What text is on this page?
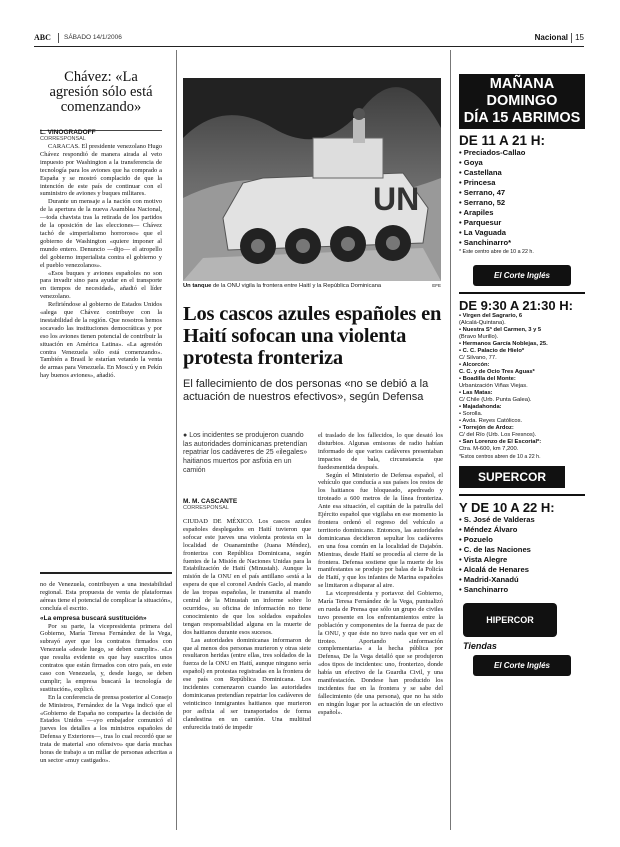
ABC SÁBADO 14/1/2006	Nacional 15
Chávez: «La agresión sólo está comenzando»
L. VINOGRADOFF
CORRESPONSAL

CARACAS. El presidente venezolano Hugo Chávez respondió de manera airada al veto impuesto por Washington a la transferencia de tecnología para los aviones que ha comprado a España y se mostró complacido de que la intención de este país de continuar con el suministro de aviones y buques militares.

Durante un mensaje a la nación con motivo de la apertura de la nueva Asamblea Nacional, —toda chavista tras la retirada de los partidos de la oposición de las elecciones— Chávez tachó de «imperialismo horroroso» que el gobierno de Washington «quiere imponer al mundo entero. Denuncio —dijo— el atropello del gobierno imperialista contra el gobierno y el pueblo venezolanos».

«Esos buques y aviones españoles no son para invadir sino para ayudar en el transporte en tiempos de necesidad», añadió el líder venezolano.

Refiriéndose al gobierno de Estados Unidos «alega que Chávez contribuye con la inestabilidad de la región. Que nosotros hemos socavado las instituciones democráticas y por eso los aviones tienen potencial de contribuir la situación en América Latina». «La agresión contra Venezuela sólo está comenzando». También a Brasil le estarían vetando la venta de armas para Venezuela. En Moscú y en Pekín hay buenos aviones», añadió.

no de Venezuela, contribuyen a una inestabilidad regional. Esta propuesta de venta de plataformas aéreas tiene el potencial de complicar la situación», concluía el escrito.

«La empresa buscará sustitución»

Por su parte, la vicepresidenta primera del Gobierno, María Teresa Fernández de la Vega, subrayó ayer que los contratos firmados con Venezuela «desde luego, se deben cumplir». «Lo que resulta evidente es que hay suscritos unos contratos que están firmados con otro país, en este caso con Venezuela, y, desde luego, se deben cumplir; la empresa buscará la tecnología de sustitución», explicó.

En la conferencia de prensa posterior al Consejo de Ministros, Fernández de la Vega indicó que el «Gobierno de España no comparte» la decisión de Estados Unidos —«yo embajador comunicó el jueves los detalles a los ministros españoles de Defensa y Exteriores—, tras lo cual recordó que se trata de material «no ofensivo» que daría muchas horas de trabajo a un millar de personas adscritas a un sector «muy castigado».

UN
Un tanque de la ONU vigila la frontera entre Haití y la República Dominicana	EFE
Los cascos azules españoles en Haití sofocan una violenta protesta fronteriza
El fallecimiento de dos personas «no se debió a la actuación de nuestros efectivos», según Defensa
● Los incidentes se produjeron cuando las autoridades dominicanas pretendían repatriar los cadáveres de 25 «ilegales» haitianos muertos por asfixia en un camión
M. M. CASCANTE
CORRESPONSAL

CIUDAD DE MÉXICO. Los cascos azules españoles desplegados en Haití tuvieron que sofocar este jueves una violenta protesta en la localidad de Ouanaminthe (Juana Méndez), fronteriza con República Dominicana, según fuentes de la Misión de Naciones Unidas para la Estabilización de Haití (Minustah). Aunque la misión de la ONU en el país antillano «está a la espera de que el coronel Andrés Gaclo, al mando de las tropas españolas, le transmita al mando central de la Minustah un informe sobre lo ocurrido», su oficina de información no tiene conocimiento de que los soldados españoles tengan responsabilidad alguna en la muerte de dos haitianos durante esos sucesos.

Las autoridades dominicanas informaron de que al menos dos personas murieron y otras siete resultaron heridas (entre ellas, tres soldados de la fuerza de la ONU en Haití, aunque ninguno sería español) en protestas registradas en la frontera de ese país con República Dominicana. Los incidentes comenzaron cuando las autoridades dominicanas pretendían repatriar los cadáveres de veinticinco inmigrantes haitianos que murieron por asfixia al ser transportados de forma clandestina en un camión. Una multitud enfurecida trató de impedir

el traslado de los fallecidos, lo que desató los disturbios. Algunas emisoras de radio habían informado de que varios cadáveres presentaban impactos de bala, circunstancia que fuedesmentida después.

Según el Ministerio de Defensa español, el vehículo que conducía a sus países los restos de los haitianos fue bloqueado, apedreado y tiroteado a 600 metros de la línea fronteriza. Ante esa situación, el capitán de la patrulla del Ejército español que vigilaba en ese momento la frontera ordenó el regreso del vehículo a territorio dominicano. Entonces, las autoridades dominicanas decidieron sepultar los cadáveres en una fosa común en la localidad de Dajabón. Mientras, desde Haití se procedía al cierre de la frontera. Defensa sostiene que la muerte de los manifestantes se produjo por balas de la Policía de Haití, y que los infantes de Marina españoles se limitaron a disparar al aire.

La vicepresidenta y portavoz del Gobierno, María Teresa Fernández de la Vega, puntualizó en rueda de Prensa que sólo un grupo de civiles tuvo presente en los enfrentamientos entre la población y componentes de la fuerza de paz de la ONU, y que éste no tuvo nada que ver en el tiroteo. Aportando «información complementaria» a la hecha pública por Defensa, De la Vega detalló que se produjeron «dos tipos de incidentes: uno, fronterizo, donde había un efectivo de la Guardia Civil, y una manifestación. Dondese han producido los incidentes fue en la frontera y se sabe del fallecimiento (de una persona), que no ha sido en ningún lugar por la actuación de un efectivo español».

MAÑANA
DOMINGO
DÍA 15 ABRIMOS
DE 11 A 21 H:
• Preciados-Callao
• Goya
• Castellana
• Princesa
• Serrano, 47
• Serrano, 52
• Arapiles
• Parquesur
• La Vaguada
• Sanchinarro*
* Este centro abre de 10 a 22 h.
El Corte Inglés
DE 9:30 A 21:30 H:
• Virgen del Sagrario, 6
(Alcalá-Quintana).
• Nuestra Sª del Carmen, 3 y 5
(Bravo Murillo).
• Hermanos García Noblejas, 25.
• C. C. Palacio de Hielo*
C/ Silvano, 77.
• Alcorcón:
C. C. y de Ocio Tres Aguas*
• Boadilla del Monte:
Urbanización Viñas Viejas.
• Las Matas:
C/ Chile (Urb. Punta Galea).
• Majadahonda:
• Sorolla.
• Avda. Reyes Católicos.
• Torrejón de Ardoz:
C/ del Río (Urb. Los Fresnos).
• San Lorenzo de El Escorial*:
Ctra. M-600, km 7,200.
*Estos centros abren de 10 a 22 h.
SUPERCOR
Y DE 10 A 22 H:
• S. José de Valderas
• Méndez Álvaro
• Pozuelo
• C. de las Naciones
• Vista Alegre
• Alcalá de Henares
• Madrid-Xanadú
• Sanchinarro
HIPERCOR
Tiendas
El Corte Inglés
